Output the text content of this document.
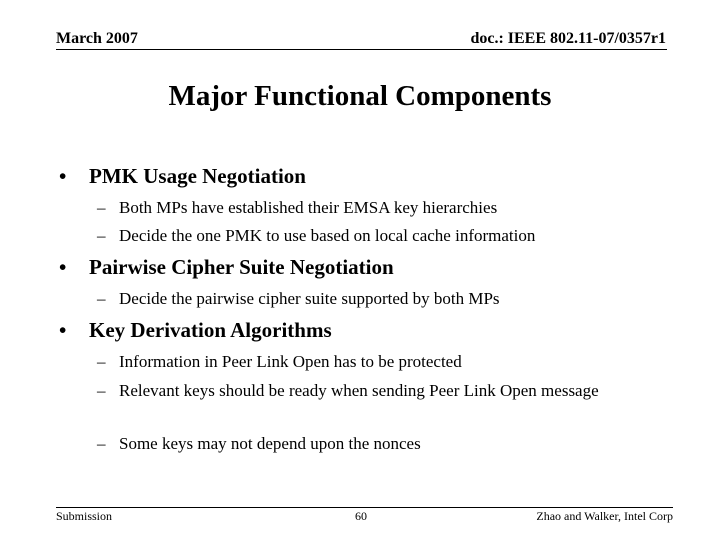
March 2007	doc.: IEEE 802.11-07/0357r1
Major Functional Components
• PMK Usage Negotiation
– Both MPs have established their EMSA key hierarchies
– Decide the one PMK to use based on local cache information
• Pairwise Cipher Suite Negotiation
– Decide the pairwise cipher suite supported by both MPs
• Key Derivation Algorithms
– Information in Peer Link Open has to be protected
– Relevant keys should be ready when sending Peer Link Open message
– Some keys may not depend upon the nonces
Submission	60	Zhao and Walker, Intel Corp
